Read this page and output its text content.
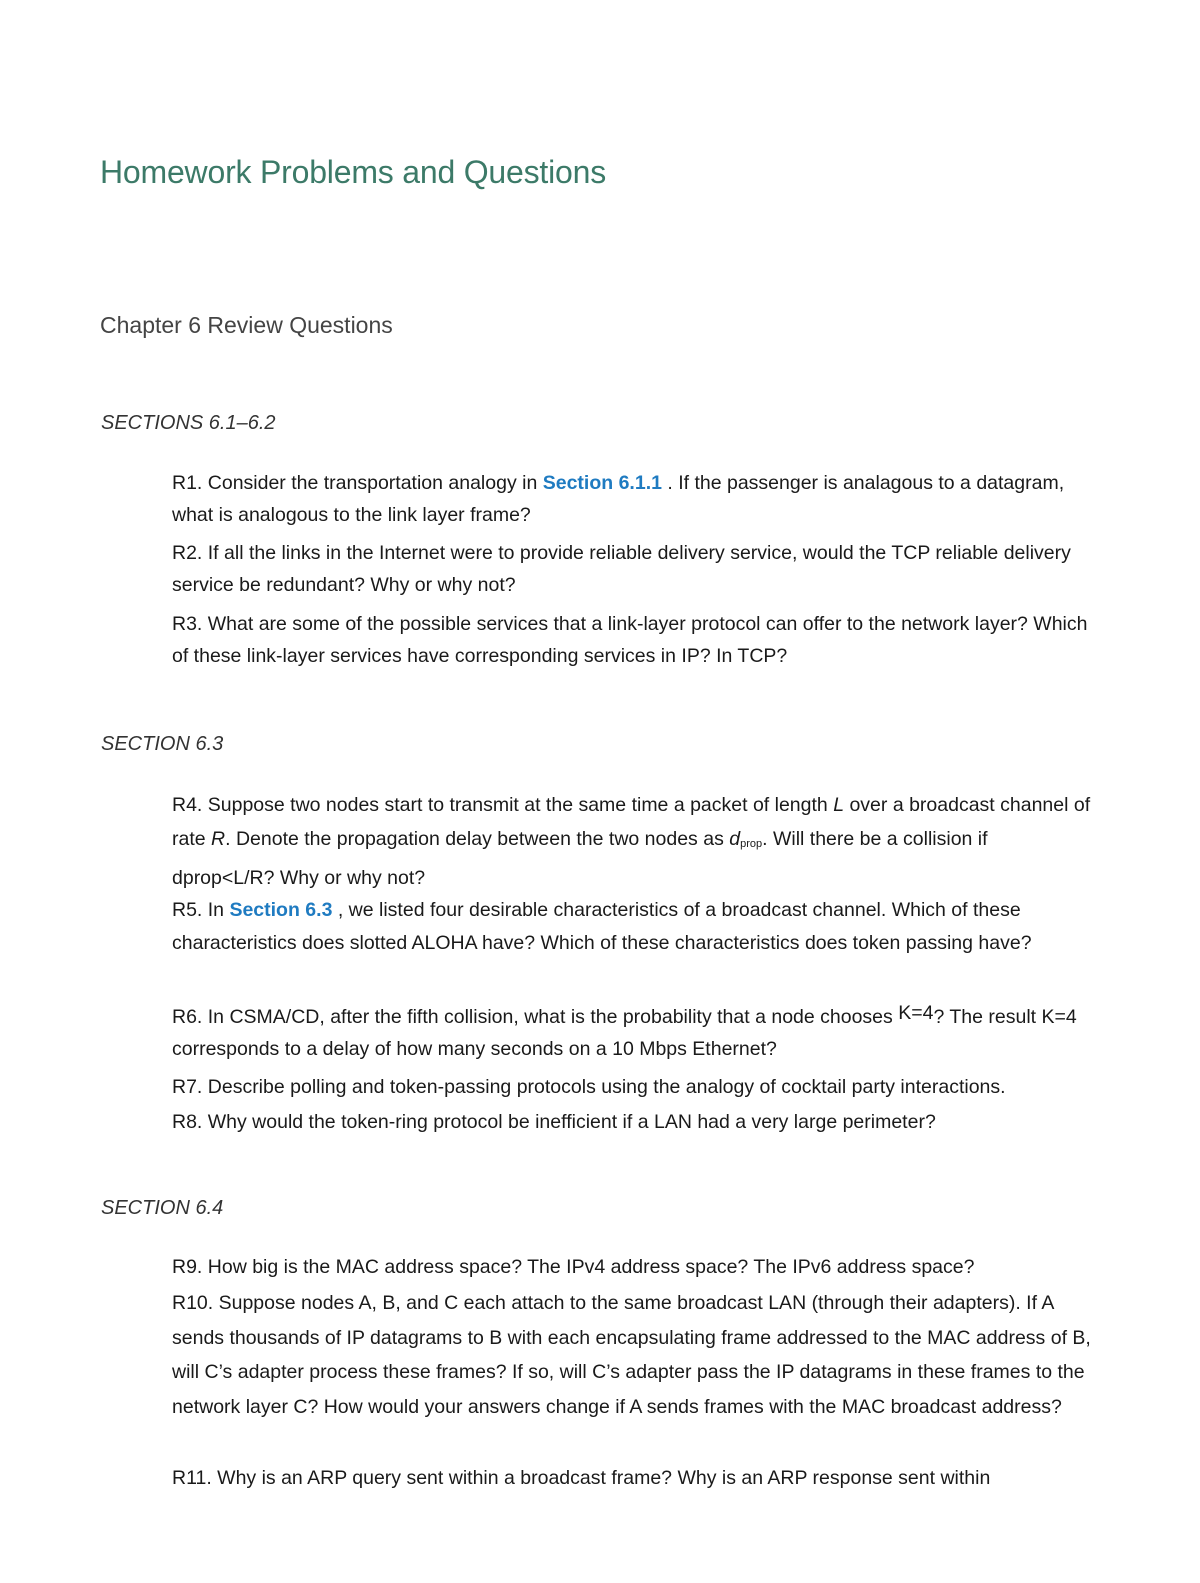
Homework Problems and Questions
Chapter 6 Review Questions
SECTIONS 6.1–6.2

R1. Consider the transportation analogy in Section 6.1.1 . If the passenger is analagous to a datagram, what is analogous to the link layer frame?

R2. If all the links in the Internet were to provide reliable delivery service, would the TCP reliable delivery service be redundant? Why or why not?

R3. What are some of the possible services that a link-layer protocol can offer to the network layer? Which of these link-layer services have corresponding services in IP? In TCP?

SECTION 6.3

R4. Suppose two nodes start to transmit at the same time a packet of length L over a broadcast channel of rate R. Denote the propagation delay between the two nodes as dprop. Will there be a collision if dprop<L/R? Why or why not?

R5. In Section 6.3 , we listed four desirable characteristics of a broadcast channel. Which of these characteristics does slotted ALOHA have? Which of these characteristics does token passing have?

R6. In CSMA/CD, after the fifth collision, what is the probability that a node chooses K=4? The result K=4 corresponds to a delay of how many seconds on a 10 Mbps Ethernet?

R7. Describe polling and token-passing protocols using the analogy of cocktail party interactions.

R8. Why would the token-ring protocol be inefficient if a LAN had a very large perimeter?

SECTION 6.4

R9. How big is the MAC address space? The IPv4 address space? The IPv6 address space?

R10. Suppose nodes A, B, and C each attach to the same broadcast LAN (through their adapters). If A sends thousands of IP datagrams to B with each encapsulating frame addressed to the MAC address of B, will C’s adapter process these frames? If so, will C’s adapter pass the IP datagrams in these frames to the network layer C? How would your answers change if A sends frames with the MAC broadcast address?

R11. Why is an ARP query sent within a broadcast frame? Why is an ARP response sent within
